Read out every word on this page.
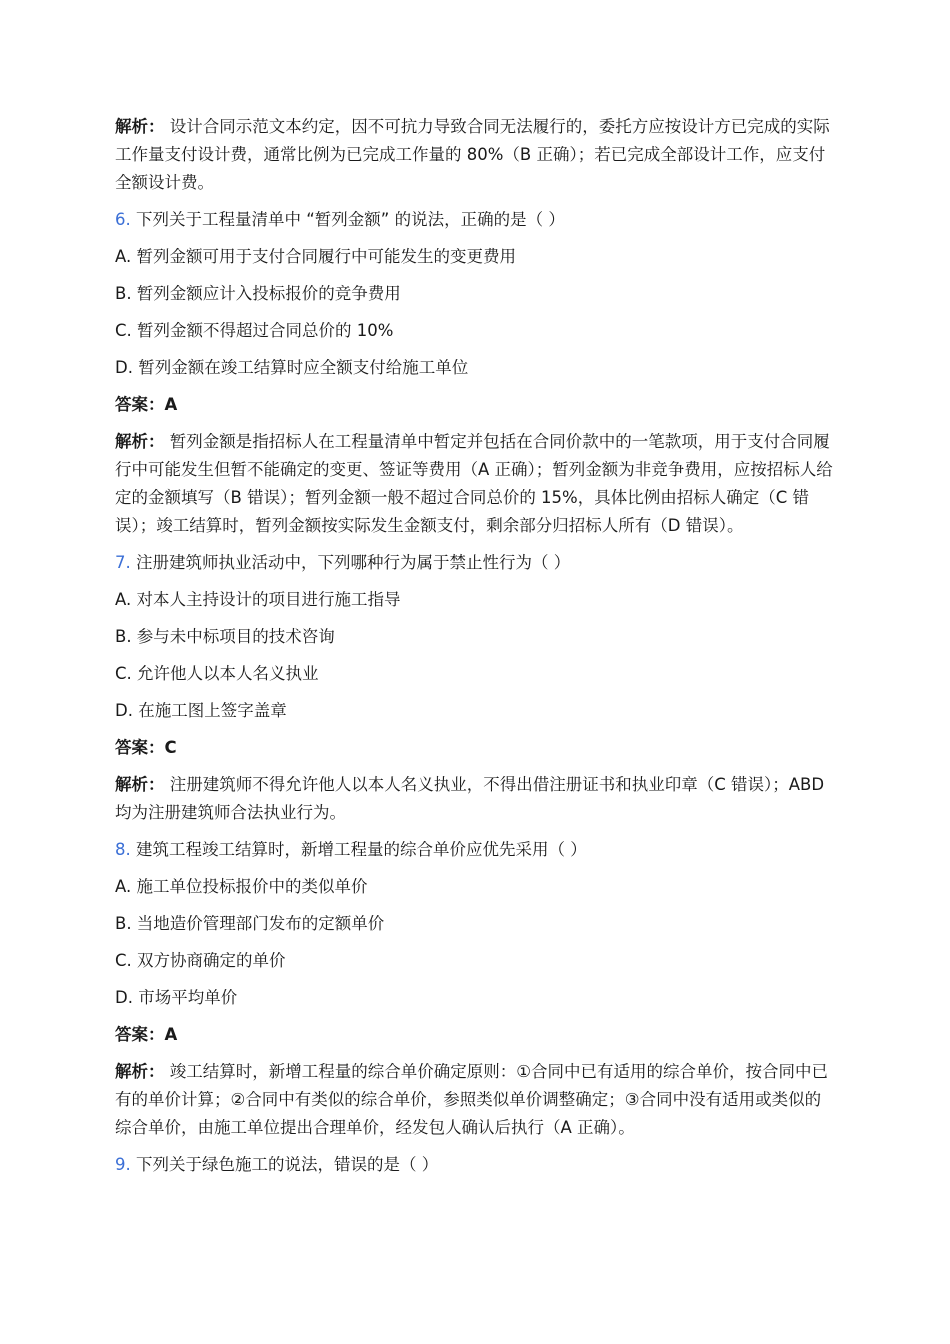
解析： 设计合同示范文本约定，因不可抗力导致合同无法履行的，委托方应按设计方已完成的实际工作量支付设计费，通常比例为已完成工作量的 80%（B 正确）；若已完成全部设计工作，应支付全额设计费。
6. 下列关于工程量清单中 “暂列金额” 的说法，正确的是（ ）
A. 暂列金额可用于支付合同履行中可能发生的变更费用
B. 暂列金额应计入投标报价的竞争费用
C. 暂列金额不得超过合同总价的 10%
D. 暂列金额在竣工结算时应全额支付给施工单位
答案：A
解析： 暂列金额是指招标人在工程量清单中暂定并包括在合同价款中的一笔款项，用于支付合同履行中可能发生但暂不能确定的变更、签证等费用（A 正确）；暂列金额为非竞争费用，应按招标人给定的金额填写（B 错误）；暂列金额一般不超过合同总价的 15%，具体比例由招标人确定（C 错误）；竣工结算时，暂列金额按实际发生金额支付，剩余部分归招标人所有（D 错误）。
7. 注册建筑师执业活动中，下列哪种行为属于禁止性行为（ ）
A. 对本人主持设计的项目进行施工指导
B. 参与未中标项目的技术咨询
C. 允许他人以本人名义执业
D. 在施工图上签字盖章
答案：C
解析： 注册建筑师不得允许他人以本人名义执业，不得出借注册证书和执业印章（C 错误）；ABD 均为注册建筑师合法执业行为。
8. 建筑工程竣工结算时，新增工程量的综合单价应优先采用（ ）
A. 施工单位投标报价中的类似单价
B. 当地造价管理部门发布的定额单价
C. 双方协商确定的单价
D. 市场平均单价
答案：A
解析： 竣工结算时，新增工程量的综合单价确定原则：①合同中已有适用的综合单价，按合同中已有的单价计算；②合同中有类似的综合单价，参照类似单价调整确定；③合同中没有适用或类似的综合单价，由施工单位提出合理单价，经发包人确认后执行（A 正确）。
9. 下列关于绿色施工的说法，错误的是（ ）
